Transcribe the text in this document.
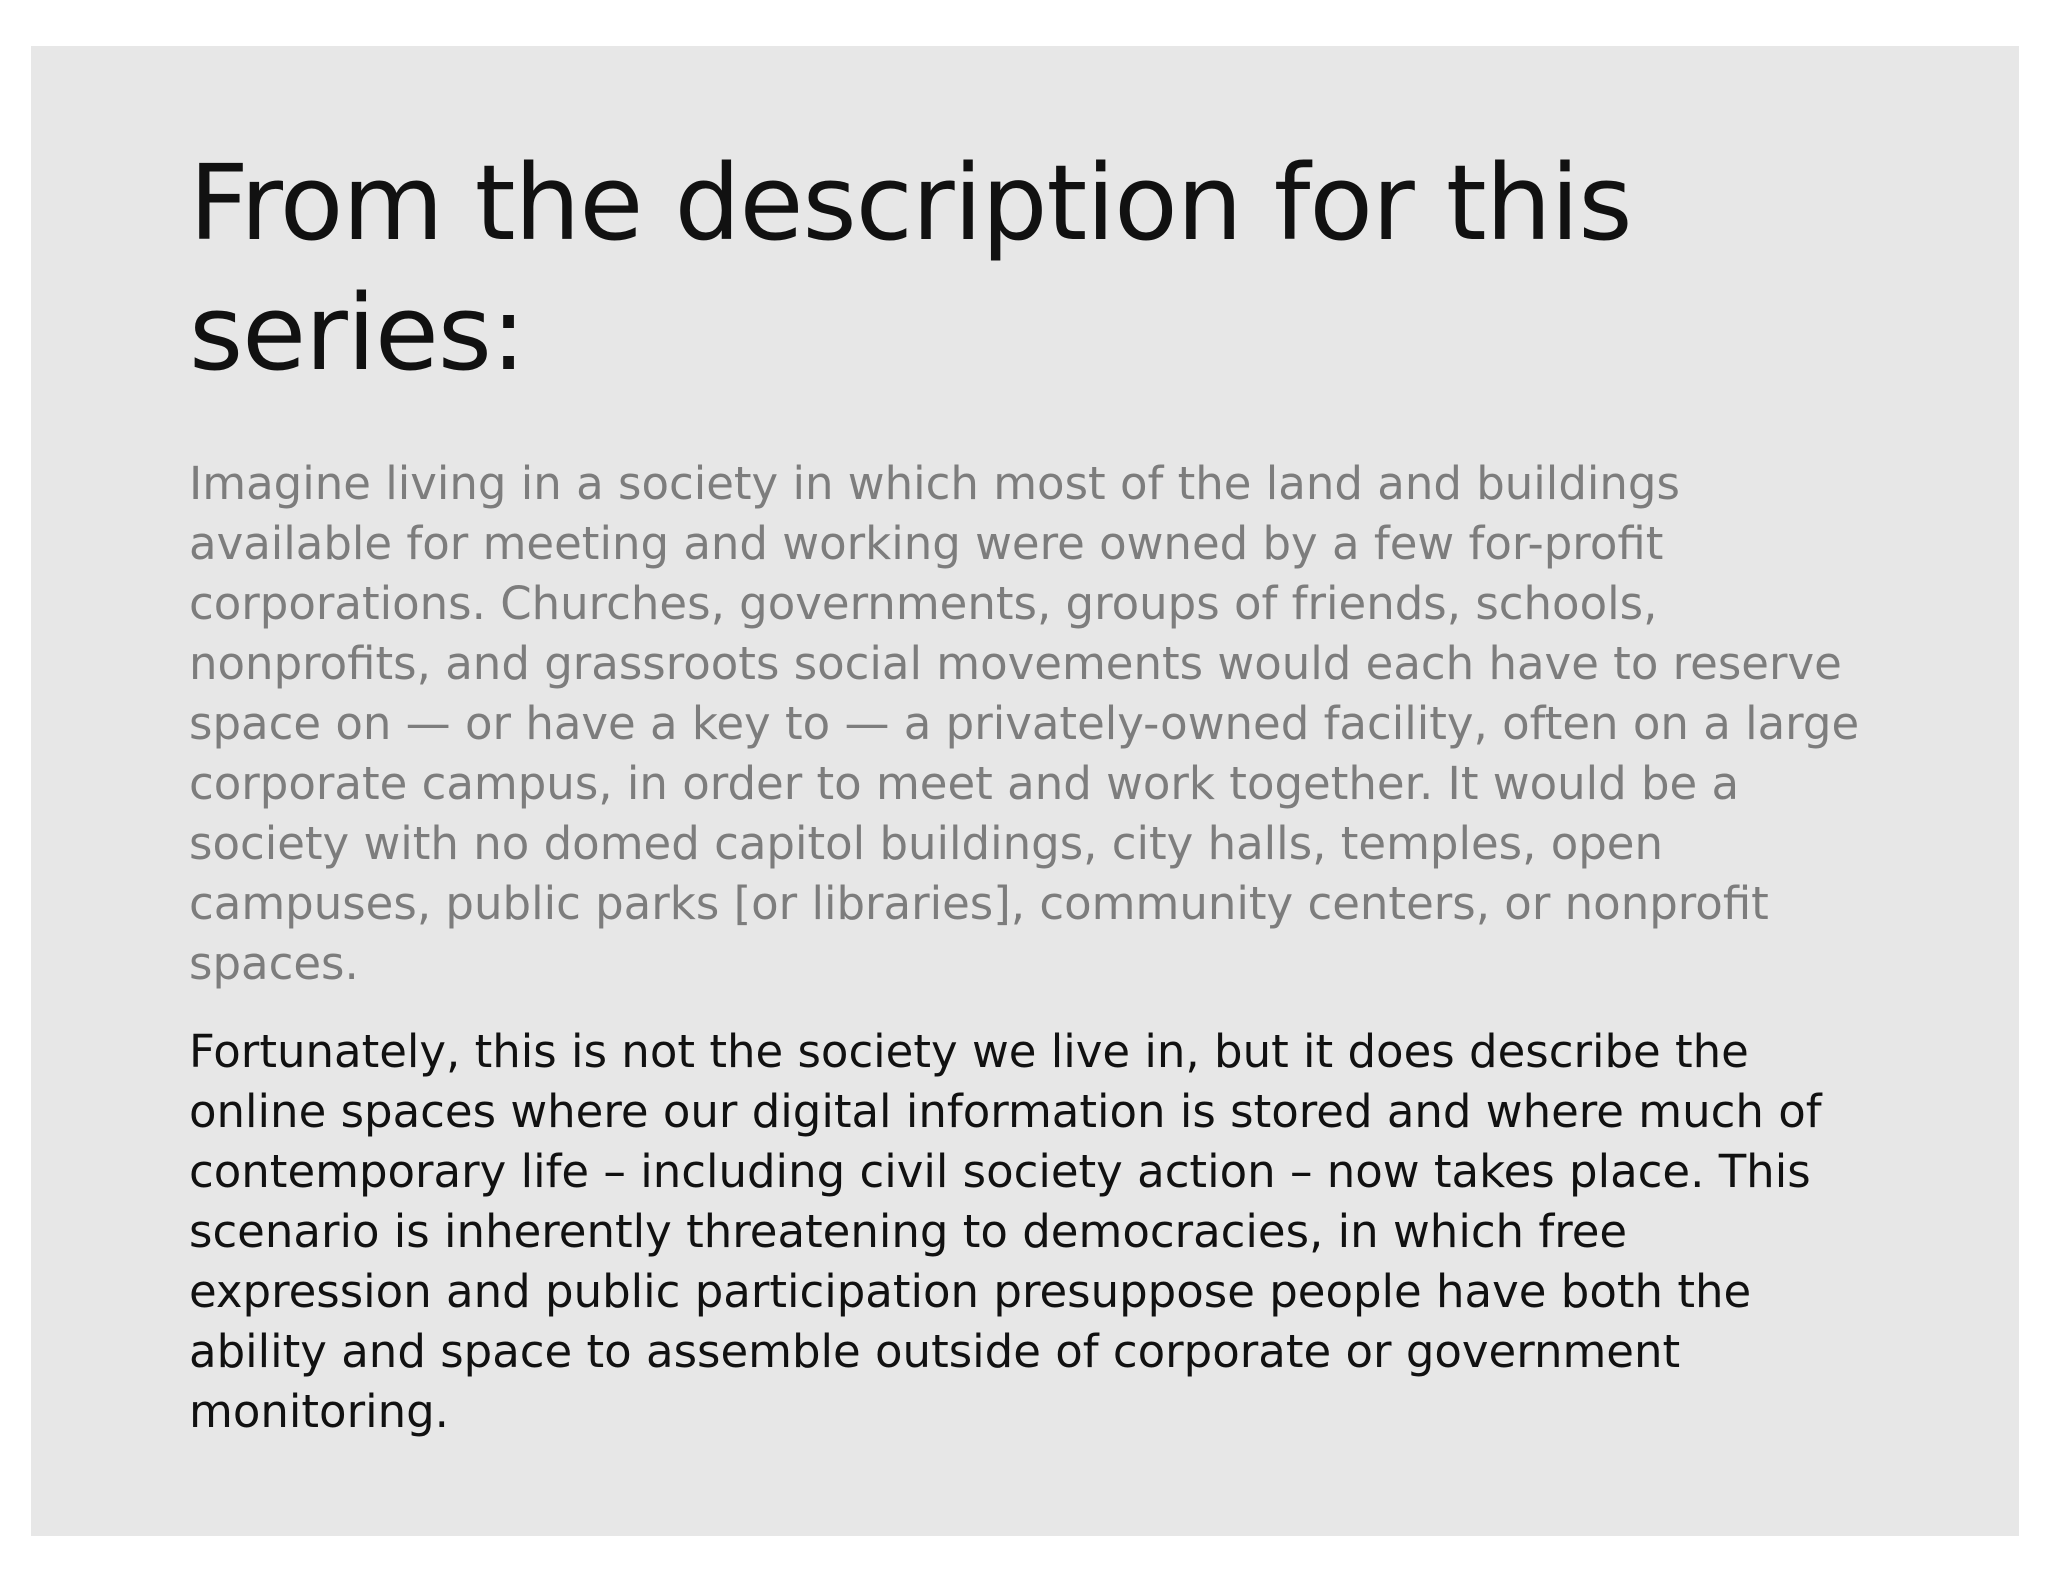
From the description for this
series:

Imagine living in a society in which most of the land and buildings
available for meeting and working were owned by a few for-profit
corporations. Churches, governments, groups of friends, schools,
nonprofits, and grassroots social movements would each have to reserve
space on — or have a key to — a privately-owned facility, often on a large
corporate campus, in order to meet and work together. It would be a
society with no domed capitol buildings, city halls, temples, open
campuses, public parks [or libraries], community centers, or nonprofit
spaces.

Fortunately, this is not the society we live in, but it does describe the
online spaces where our digital information is stored and where much of
contemporary life – including civil society action – now takes place. This
scenario is inherently threatening to democracies, in which free
expression and public participation presuppose people have both the
ability and space to assemble outside of corporate or government
monitoring.
